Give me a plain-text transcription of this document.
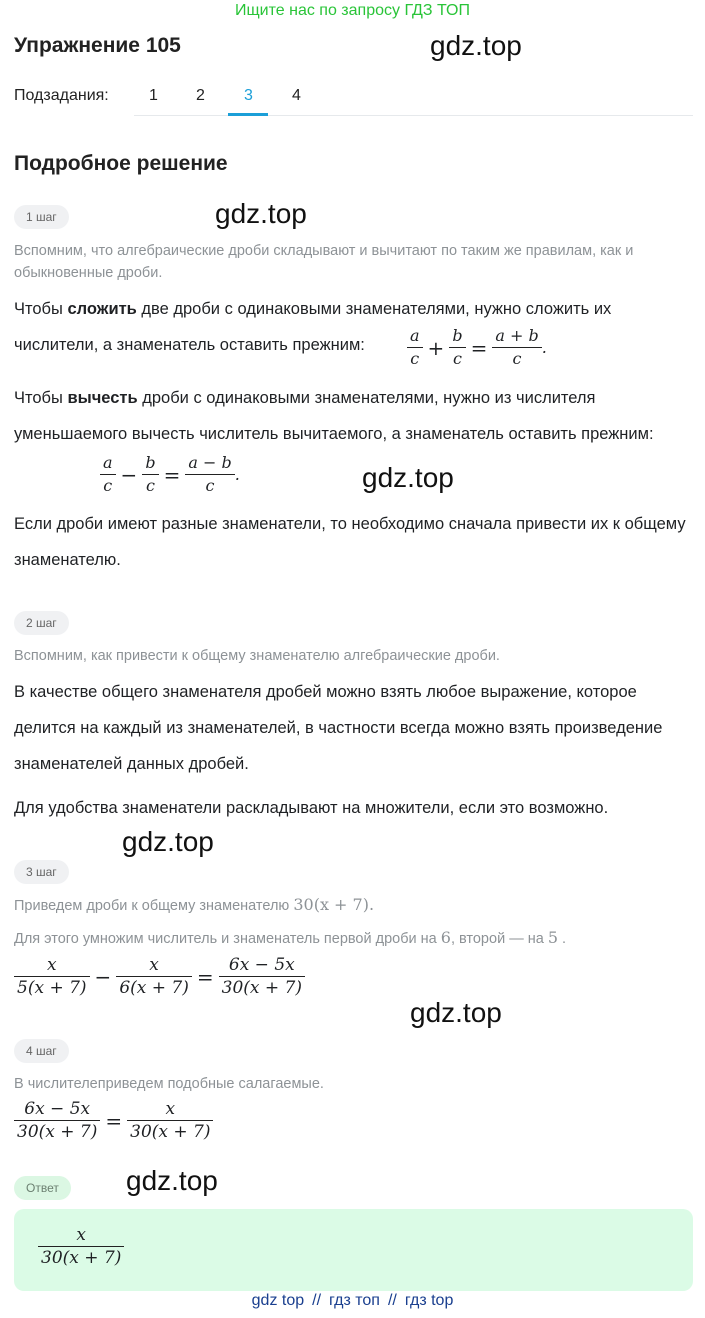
Ищите нас по запросу ГДЗ ТОП
Упражнение 105	gdz.top
Подзадания:	1 2 3 4
Подробное решение
1 шаг	gdz.top
Вспомним, что алгебраические дроби складывают и вычитают по таким же правилам, как и обыкновенные дроби.
Чтобы сложить две дроби с одинаковыми знаменателями, нужно сложить их числители, а знаменатель оставить прежним:	$\frac{a}{c} + \frac{b}{c} = \frac{a + b}{c}$ .
Чтобы вычесть дроби с одинаковыми знаменателями, нужно из числителя уменьшаемого вычесть числитель вычитаемого, а знаменатель оставить прежним:
$\frac{a}{c} - \frac{b}{c} = \frac{a - b}{c}$ .	gdz.top
Если дроби имеют разные знаменатели, то необходимо сначала привести их к общему знаменателю.
2 шаг
Вспомним, как привести к общему знаменателю алгебраические дроби.
В качестве общего знаменателя дробей можно взять любое выражение, которое делится на каждый из знаменателей, в частности всегда можно взять произведение знаменателей данных дробей.
Для удобства знаменатели раскладывают на множители, если это возможно.
gdz.top
3 шаг
Приведем дроби к общему знаменателю 30(x + 7).
Для этого умножим числитель и знаменатель первой дроби на 6, второй — на 5 .
$\frac{x}{5(x + 7)} - \frac{x}{6(x + 7)} = \frac{6x - 5x}{30(x + 7)}$
gdz.top
4 шаг
В числителеприведем подобные салагаемые.
$\frac{6x - 5x}{30(x + 7)} = \frac{x}{30(x + 7)}$
Ответ	gdz.top
$\frac{x}{30(x + 7)}$
gdz top // гдз топ // гдз top
